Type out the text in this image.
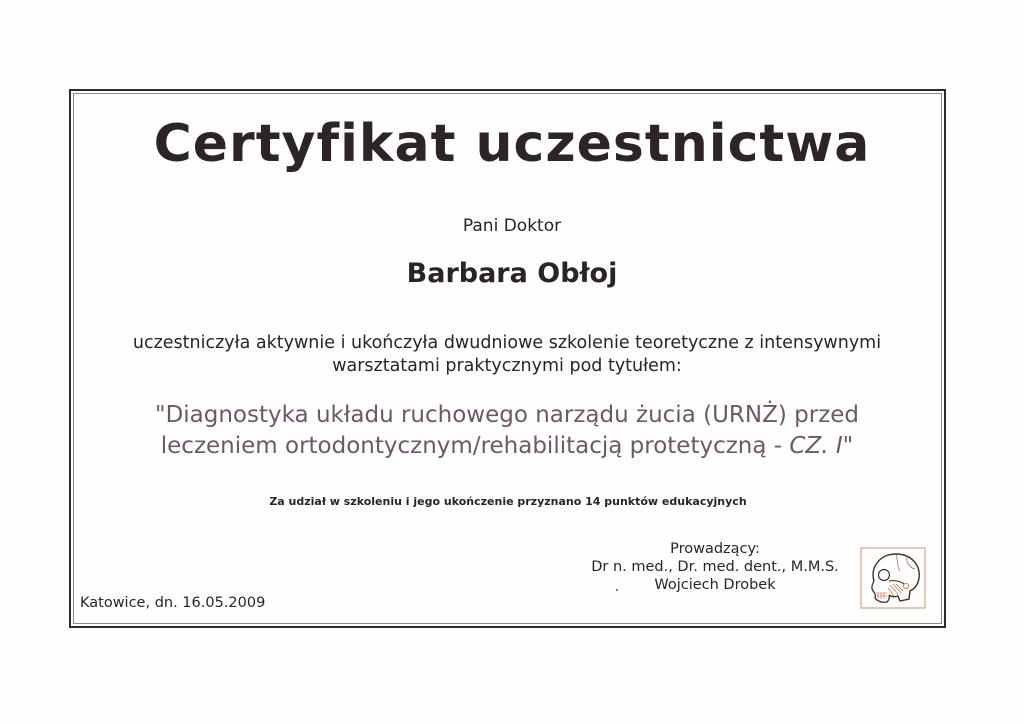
Certyfikat uczestnictwa
Pani Doktor
Barbara Obłoj
uczestniczyła aktywnie i ukończyła dwudniowe szkolenie teoretyczne z intensywnymi
warsztatami praktycznymi pod tytułem:
"Diagnostyka układu ruchowego narządu żucia (URNŻ) przed
leczeniem ortodontycznym/rehabilitacją protetyczną - CZ. I"
Za udział w szkoleniu i jego ukończenie przyznano 14 punktów edukacyjnych
Prowadzący:
Dr n. med., Dr. med. dent., M.M.S.
Wojciech Drobek
Katowice, dn. 16.05.2009
